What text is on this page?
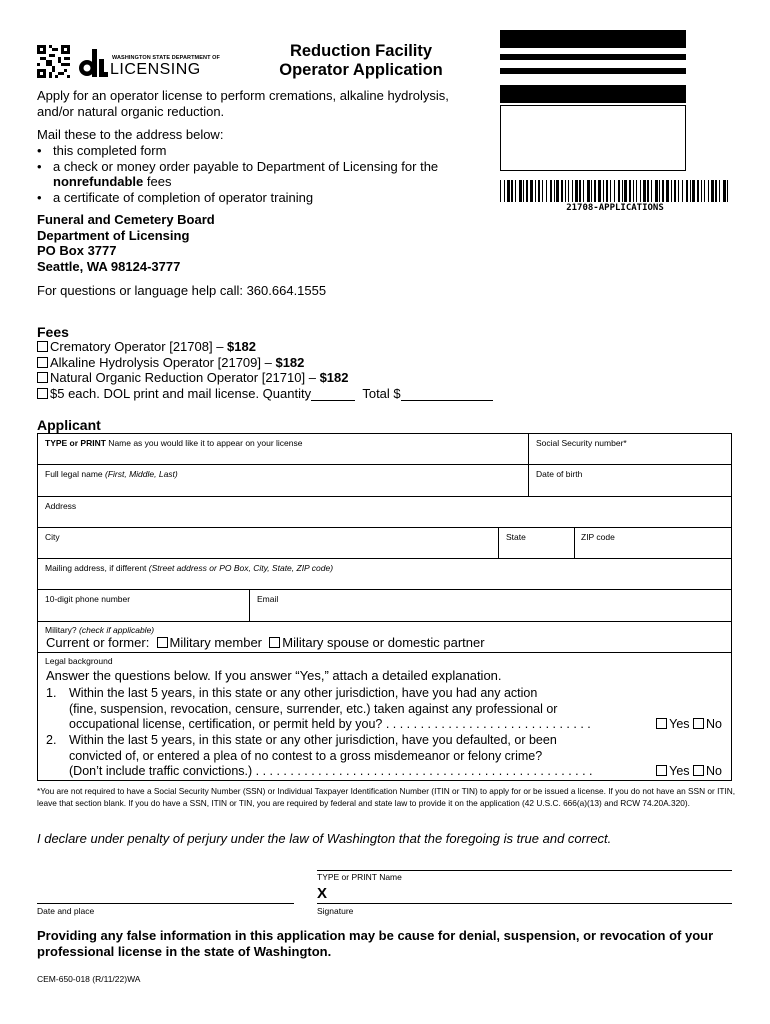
WASHINGTON STATE DEPARTMENT OF
LICENSING
Reduction Facility
Operator Application
21708-APPLICATIONS
Apply for an operator license to perform cremations, alkaline hydrolysis, and/or natural organic reduction.
Mail these to the address below:
• this completed form
• a check or money order payable to Department of Licensing for the nonrefundable fees
• a certificate of completion of operator training
Funeral and Cemetery Board
Department of Licensing
PO Box 3777
Seattle, WA 98124-3777
For questions or language help call: 360.664.1555
Fees
Crematory Operator [21708] – $182
Alkaline Hydrolysis Operator [21709] – $182
Natural Organic Reduction Operator [21710] – $182
$5 each. DOL print and mail license. Quantity	Total $
Applicant
TYPE or PRINT Name as you would like it to appear on your license	Social Security number*
Full legal name (First, Middle, Last)	Date of birth
Address
City	State	ZIP code
Mailing address, if different (Street address or PO Box, City, State, ZIP code)
10-digit phone number	Email
Military? (check if applicable)
Current or former: Military member Military spouse or domestic partner
Legal background
Answer the questions below. If you answer “Yes,” attach a detailed explanation.
1. Within the last 5 years, in this state or any other jurisdiction, have you had any action
(fine, suspension, revocation, censure, surrender, etc.) taken against any professional or
occupational license, certification, or permit held by you? . . . . . . . . . . . . . . . . . . . . . . . . . . . . . .	Yes No
2. Within the last 5 years, in this state or any other jurisdiction, have you defaulted, or been
convicted of, or entered a plea of no contest to a gross misdemeanor or felony crime?
(Don’t include traffic convictions.) . . . . . . . . . . . . . . . . . . . . . . . . . . . . . . . . . . . . . . . . . . . . . . . . .	Yes No
*You are not required to have a Social Security Number (SSN) or Individual Taxpayer Identification Number (ITIN or TIN) to apply for or be issued a license. If you do not have an SSN or ITIN, leave that section blank. If you do have a SSN, ITIN or TIN, you are required by federal and state law to provide it on the application (42 U.S.C. 666(a)(13) and RCW 74.20A.320).
I declare under penalty of perjury under the law of Washington that the foregoing is true and correct.
TYPE or PRINT Name
Date and place
X
Signature
Providing any false information in this application may be cause for denial, suspension, or revocation of your professional license in the state of Washington.
CEM-650-018 (R/11/22)WA
